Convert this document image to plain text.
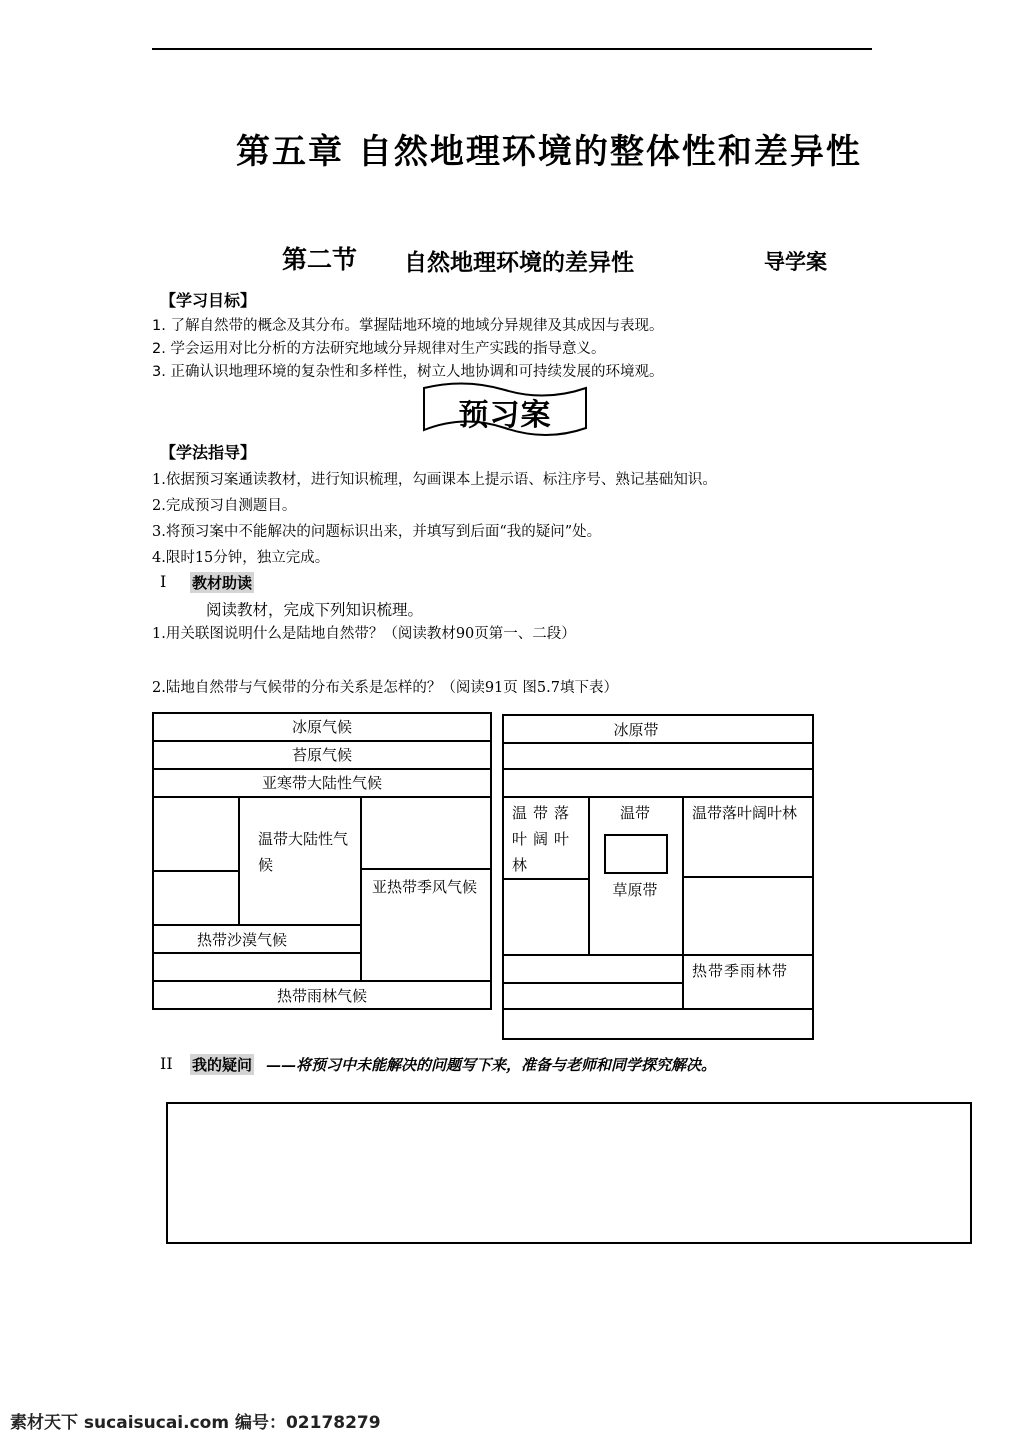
第五章 自然地理环境的整体性和差异性
第二节 自然地理环境的差异性	导学案
【学习目标】
1. 了解自然带的概念及其分布。掌握陆地环境的地域分异规律及其成因与表现。
2. 学会运用对比分析的方法研究地域分异规律对生产实践的指导意义。
3. 正确认识地理环境的复杂性和多样性，树立人地协调和可持续发展的环境观。
预习案
【学法指导】
1.依据预习案通读教材，进行知识梳理，勾画课本上提示语、标注序号、熟记基础知识。
2.完成预习自测题目。
3.将预习案中不能解决的问题标识出来，并填写到后面“我的疑问”处。
4.限时15分钟，独立完成。
I 教材助读
阅读教材，完成下列知识梳理。
1.用关联图说明什么是陆地自然带？（阅读教材90页第一、二段）
2.陆地自然带与气候带的分布关系是怎样的？（阅读91页 图5.7填下表）
冰原气候
苔原气候
亚寒带大陆性气候
温带大陆性气候
亚热带季风气候
热带沙漠气候
热带雨林气候
冰原带
温带落叶阔叶林
温带
草原带
温带落叶阔叶林
热带季雨林带
II 我的疑问 ——将预习中未能解决的问题写下来，准备与老师和同学探究解决。
素材天下 sucaisucai.com 编号：02178279
